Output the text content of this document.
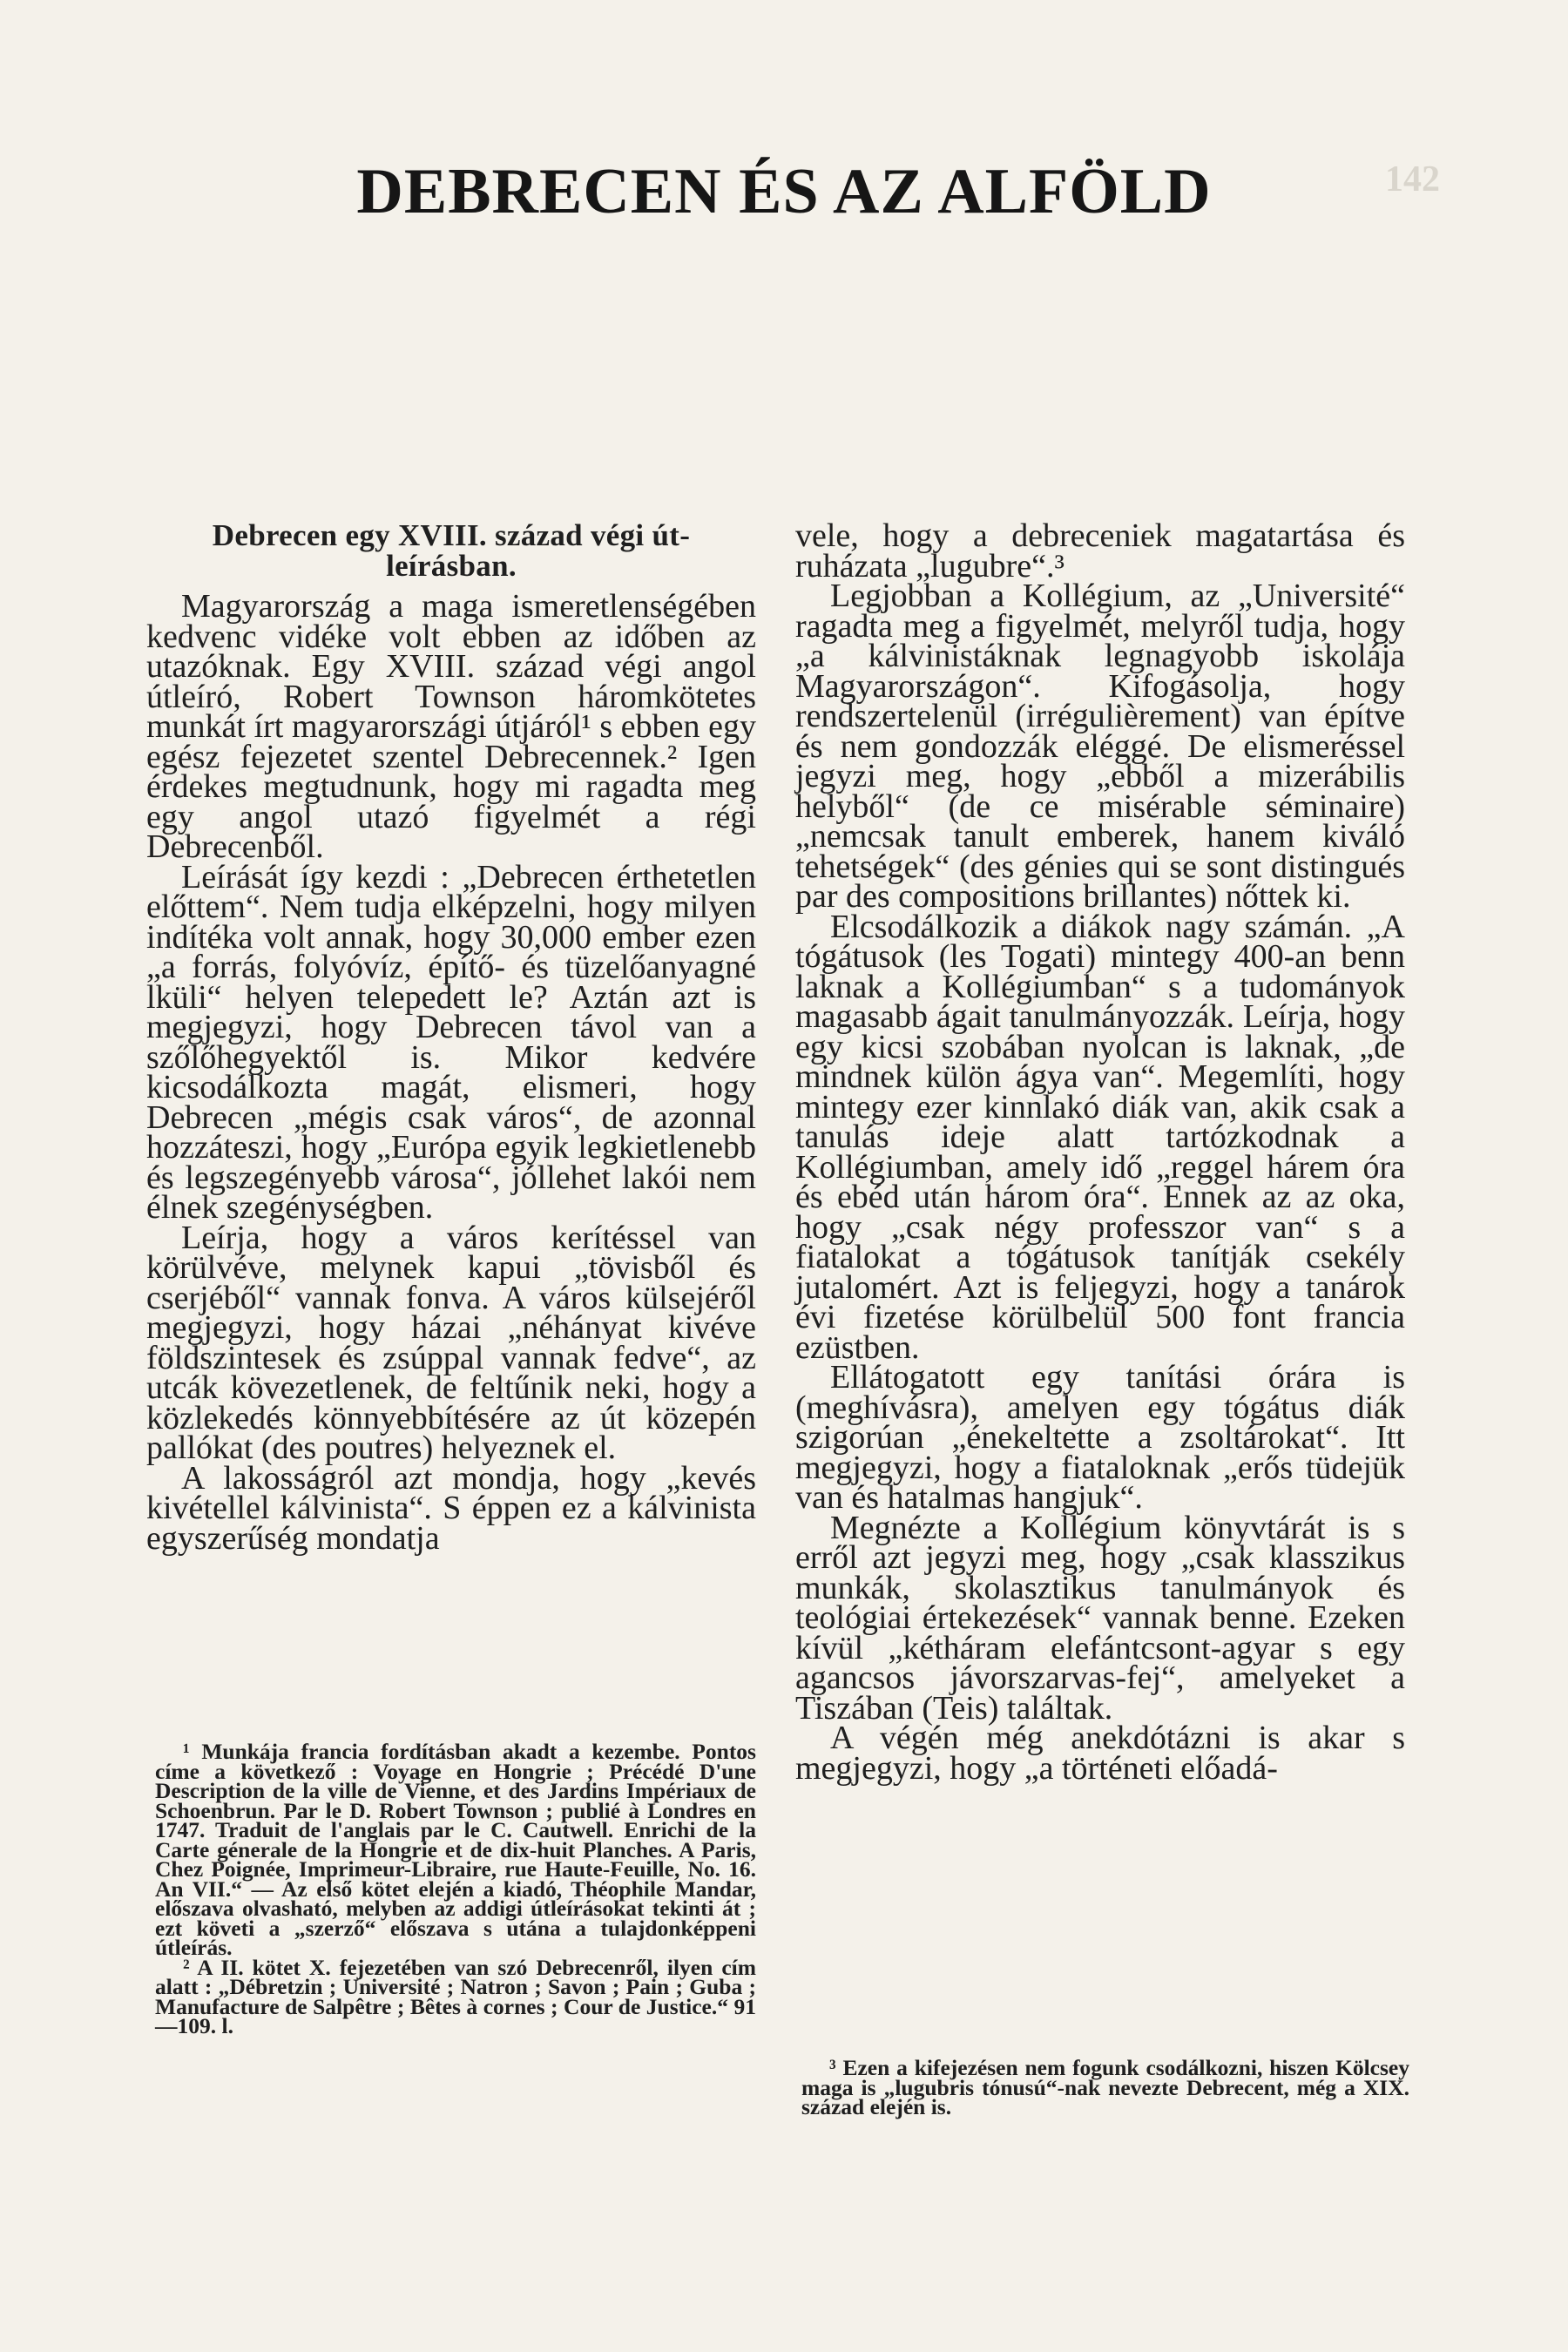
142
DEBRECEN ÉS AZ ALFÖLD
Debrecen egy XVIII. század végi út-
leírásban.

Magyarország a maga ismeretlenségében kedvenc vidéke volt ebben az időben az utazóknak. Egy XVIII. század végi angol útleíró, Robert Townson háromkötetes munkát írt magyarországi útjáról¹ s ebben egy egész fejezetet szentel Debrecennek.² Igen érdekes megtudnunk, hogy mi ragadta meg egy angol utazó figyelmét a régi Debrecenből.

Leírását így kezdi : „Debrecen érthetetlen előttem“. Nem tudja elképzelni, hogy milyen indítéka volt annak, hogy 30,000 ember ezen „a forrás, folyóvíz, építő- és tüzelőanyagné lküli“ helyen telepedett le? Aztán azt is megjegyzi, hogy Debrecen távol van a szőlőhegyektől is. Mikor kedvére kicsodálkozta magát, elismeri, hogy Debrecen „mégis csak város“, de azonnal hozzáteszi, hogy „Európa egyik legkietlenebb és legszegényebb városa“, jóllehet lakói nem élnek szegénységben.

Leírja, hogy a város kerítéssel van körülvéve, melynek kapui „tövisből és cserjéből“ vannak fonva. A város külsejéről megjegyzi, hogy házai „néhányat kivéve földszintesek és zsúppal vannak fedve“, az utcák kövezetlenek, de feltűnik neki, hogy a közlekedés könnyebbítésére az út közepén pallókat (des poutres) helyeznek el.

A lakosságról azt mondja, hogy „kevés kivétellel kálvinista“. S éppen ez a kálvinista egyszerűség mondatja

vele, hogy a debreceniek magatartása és ruházata „lugubre“.³

Legjobban a Kollégium, az „Université“ ragadta meg a figyelmét, melyről tudja, hogy „a kálvinistáknak legnagyobb iskolája Magyarországon“. Kifogásolja, hogy rendszertelenül (irrégulièrement) van építve és nem gondozzák eléggé. De elismeréssel jegyzi meg, hogy „ebből a mizerábilis helyből“ (de ce misérable séminaire) „nemcsak tanult emberek, hanem kiváló tehetségek“ (des génies qui se sont distingués par des compositions brillantes) nőttek ki.

Elcsodálkozik a diákok nagy számán. „A tógátusok (les Togati) mintegy 400-an benn laknak a Kollégiumban“ s a tudományok magasabb ágait tanulmányozzák. Leírja, hogy egy kicsi szobában nyolcan is laknak, „de mindnek külön ágya van“. Megemlíti, hogy mintegy ezer kinnlakó diák van, akik csak a tanulás ideje alatt tartózkodnak a Kollégiumban, amely idő „reggel hárem óra és ebéd után három óra“. Ennek az az oka, hogy „csak négy professzor van“ s a fiatalokat a tógátusok tanítják csekély jutalomért. Azt is feljegyzi, hogy a tanárok évi fizetése körülbelül 500 font francia ezüstben.

Ellátogatott egy tanítási órára is (meghívásra), amelyen egy tógátus diák szigorúan „énekeltette a zsoltárokat“. Itt megjegyzi, hogy a fiataloknak „erős tüdejük van és hatalmas hangjuk“.

Megnézte a Kollégium könyvtárát is s erről azt jegyzi meg, hogy „csak klasszikus munkák, skolasztikus tanulmányok és teológiai értekezések“ vannak benne. Ezeken kívül „kétháram elefántcsont-agyar s egy agancsos jávorszarvas-fej“, amelyeket a Tiszában (Teis) találtak.

A végén még anekdótázni is akar s megjegyzi, hogy „a történeti előadá-

¹ Munkája francia fordításban akadt a kezembe. Pontos címe a következő : Voyage en Hongrie ; Précédé D'une Description de la ville de Vienne, et des Jardins Impériaux de Schoenbrun. Par le D. Robert Townson ; publié à Londres en 1747. Traduit de l'anglais par le C. Cautwell. Enrichi de la Carte génerale de la Hongrie et de dix-huit Planches. A Paris, Chez Poignée, Imprimeur-Libraire, rue Haute-Feuille, No. 16. An VII.“ — Az első kötet elején a kiadó, Théophile Mandar, előszava olvasható, melyben az addigi útleírásokat tekinti át ; ezt követi a „szerző“ előszava s utána a tulajdonképpeni útleírás.

² A II. kötet X. fejezetében van szó Debrecenről, ilyen cím alatt : „Débretzin ; Université ; Natron ; Savon ; Pain ; Guba ; Manufacture de Salpêtre ; Bêtes à cornes ; Cour de Justice.“ 91—109. l.

³ Ezen a kifejezésen nem fogunk csodálkozni, hiszen Kölcsey maga is „lugubris tónusú“-nak nevezte Debrecent, még a XIX. század elején is.
